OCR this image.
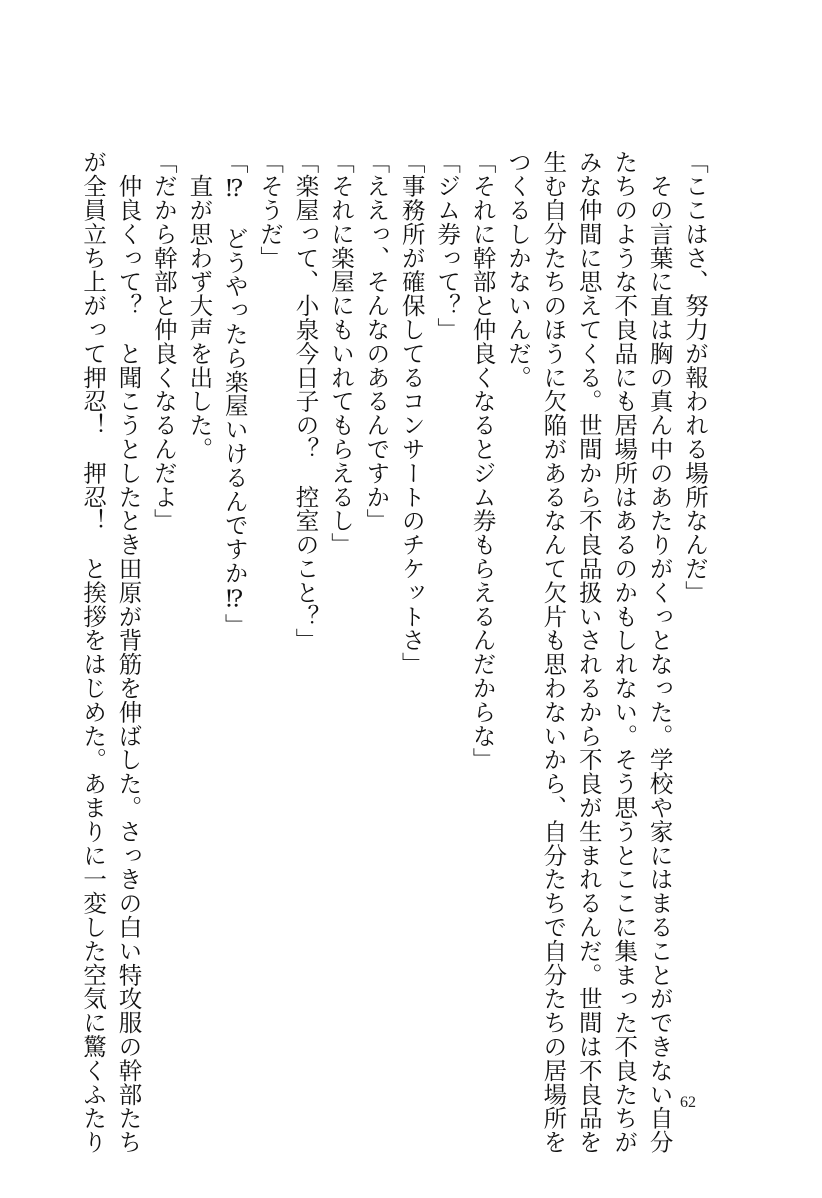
「ここはさ、努力が報われる場所なんだ」
　その言葉に直は胸の真ん中のあたりがくっとなった。学校や家にはまることができない自分
たちのような不良品にも居場所はあるのかもしれない。そう思うとここに集まった不良たちが
みな仲間に思えてくる。世間から不良品扱いされるから不良が生まれるんだ。世間は不良品を
生む自分たちのほうに欠陥があるなんて欠片も思わないから、自分たちで自分たちの居場所を
つくるしかないんだ。
「それに幹部と仲良くなるとジム券もらえるんだからな」
「ジム券って？」
「事務所が確保してるコンサートのチケットさ」
「ええっ、そんなのあるんですか」
「それに楽屋にもいれてもらえるし」
「楽屋って、小泉今日子の？　控室のこと？」
「そうだ」
「⁉　どうやったら楽屋いけるんですか⁉」
　直が思わず大声を出した。
「だから幹部と仲良くなるんだよ」
　仲良くって？　と聞こうとしたとき田原が背筋を伸ばした。さっきの白い特攻服の幹部たち
が全員立ち上がって押忍！　押忍！　と挨拶をはじめた。あまりに一変した空気に驚くふたり	62
